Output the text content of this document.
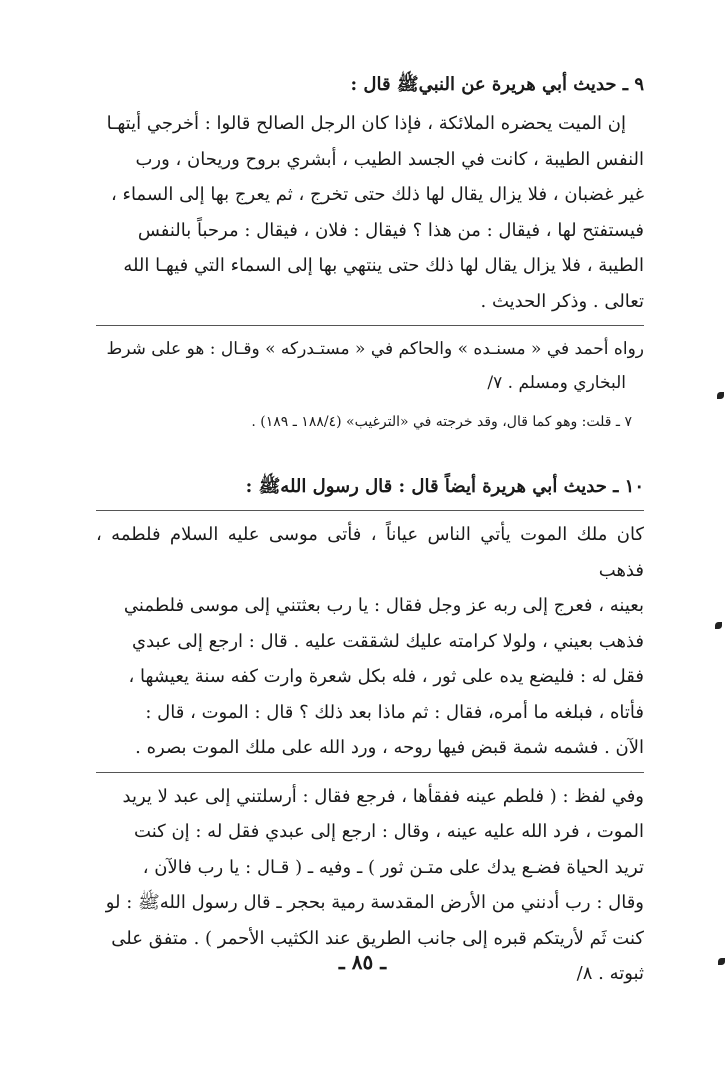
٩ ـ حديث أبي هريرة عن النبيﷺ قال :

إن الميت يحضره الملائكة ، فإذا كان الرجل الصالح قالوا : أخرجي أيتهـا

النفس الطيبة ، كانت في الجسد الطيب ، أبشري بروح وريحان ، ورب

غير غضبان ، فلا يزال يقال لها ذلك حتى تخرج ، ثم يعرج بها إلى السماء ،

فيستفتح لها ، فيقال : من هذا ؟ فيقال : فلان ، فيقال : مرحباً بالنفس

الطيبة ، فلا يزال يقال لها ذلك حتى ينتهي بها إلى السماء التي فيهـا الله

تعالى . وذكر الحديث .

رواه أحمد في « مسنـده » والحاكم في « مستـدركه » وقـال : هو على شرط

البخاري ومسلم . ٧/

٧ ـ قلت: وهو كما قال، وقد خرجته في «الترغيب» (١٨٨/٤ ـ ١٨٩) .

١٠ ـ حديث أبي هريرة أيضاً قال : قال رسول اللهﷺ :

كان ملك الموت يأتي الناس عياناً ، فأتى موسى عليه السلام فلطمه ، فذهب

بعينه ، فعرج إلى ربه عز وجل فقال : يا رب بعثتني إلى موسى فلطمني

فذهب بعيني ، ولولا كرامته عليك لشققت عليه . قال : ارجع إلى عبدي

فقل له : فليضع يده على ثور ، فله بكل شعرة وارت كفه سنة يعيشها ،

فأتاه ، فبلغه ما أمره، فقال : ثم ماذا بعد ذلك ؟ قال : الموت ، قال :

الآن . فشمه شمة قبض فيها روحه ، ورد الله على ملك الموت بصره .

وفي لفظ : ( فلطم عينه ففقأها ، فرجع فقال : أرسلتني إلى عبد لا يريد

الموت ، فرد الله عليه عينه ، وقال : ارجع إلى عبدي فقل له : إن كنت

تريد الحياة فضـع يدك على متـن ثور ) ـ وفيه ـ ( قـال : يا رب فالآن ،

وقال : رب أدنني من الأرض المقدسة رمية بحجر ـ قال رسول اللهﷺ : لو

كنت ثَم لأريتكم قبره إلى جانب الطريق عند الكثيب الأحمر ) . متفق على

ثبوته . ٨/

ـ ٨٥ ـ
